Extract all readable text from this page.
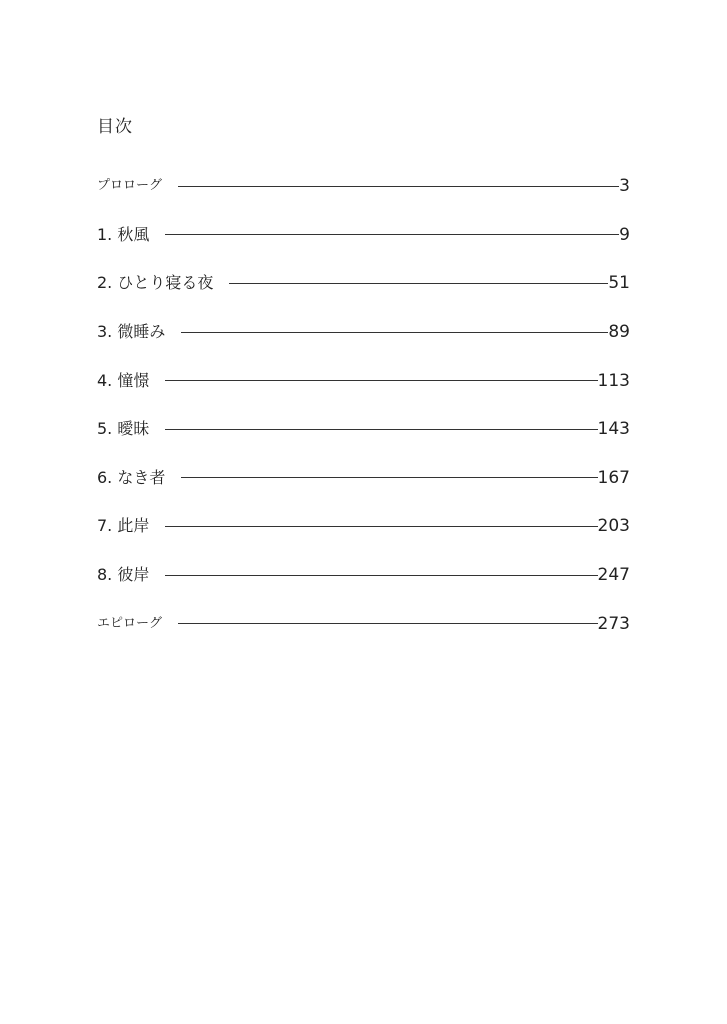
目次
プロローグ	3
1. 秋風	9
2. ひとり寝る夜	51
3. 微睡み	89
4. 憧憬	113
5. 曖昧	143
6. なき者	167
7. 此岸	203
8. 彼岸	247
エピローグ	273
